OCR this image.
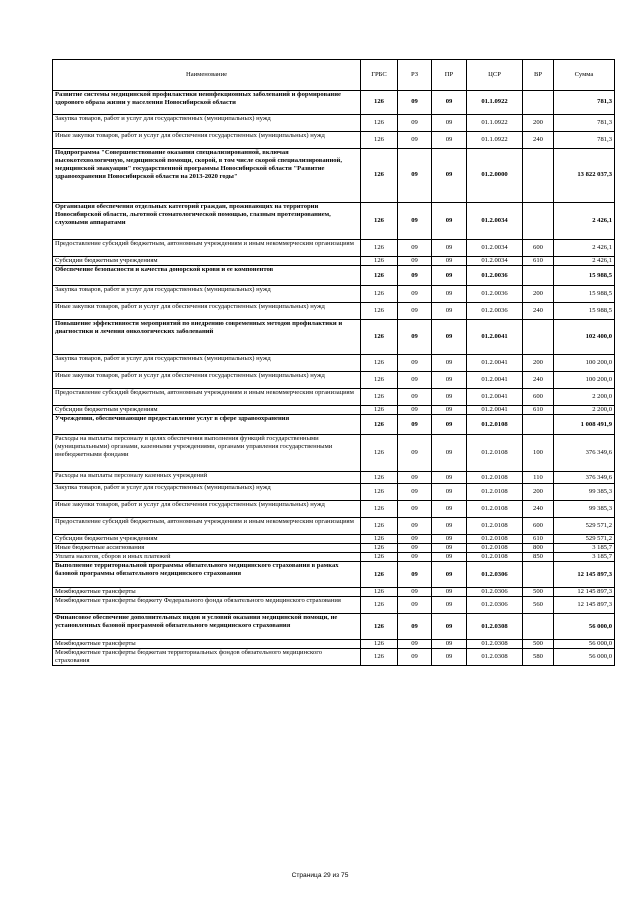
Наименование	ГРБС	РЗ	ПР	ЦСР	ВР	Сумма
Развитие системы медицинской профилактики неинфекционных заболеваний и формирование здорового образа жизни у населения Новосибирской области	126	09	09	01.1.0922		781,3
Закупка товаров, работ и услуг для государственных (муниципальных) нужд	126	09	09	01.1.0922	200	781,3
Иные закупки товаров, работ и услуг для обеспечения государственных (муниципальных) нужд	126	09	09	01.1.0922	240	781,3
Подпрограмма "Совершенствование оказания специализированной, включая высокотехнологичную, медицинской помощи, скорой, в том числе скорой специализированной, медицинской эвакуации" государственной программы Новосибирской области "Развитие здравоохранения Новосибирской области на 2013-2020 годы"	126	09	09	01.2.0000		13 822 037,3
Организация обеспечения отдельных категорий граждан, проживающих на территории Новосибирской области, льготной стоматологической помощью, глазным протезированием, слуховыми аппаратами	126	09	09	01.2.0034		2 426,1
Предоставление субсидий бюджетным, автономным учреждениям и иным некоммерческим организациям	126	09	09	01.2.0034	600	2 426,1
Субсидии бюджетным учреждениям	126	09	09	01.2.0034	610	2 426,1
Обеспечение безопасности и качества донорской крови и ее компонентов	126	09	09	01.2.0036		15 988,5
Закупка товаров, работ и услуг для государственных (муниципальных) нужд	126	09	09	01.2.0036	200	15 988,5
Иные закупки товаров, работ и услуг для обеспечения государственных (муниципальных) нужд	126	09	09	01.2.0036	240	15 988,5
Повышение эффективности мероприятий по внедрению современных методов профилактики и диагностики и лечения онкологических заболеваний	126	09	09	01.2.0041		102 400,0
Закупка товаров, работ и услуг для государственных (муниципальных) нужд	126	09	09	01.2.0041	200	100 200,0
Иные закупки товаров, работ и услуг для обеспечения государственных (муниципальных) нужд	126	09	09	01.2.0041	240	100 200,0
Предоставление субсидий бюджетным, автономным учреждениям и иным некоммерческим организациям	126	09	09	01.2.0041	600	2 200,0
Субсидии бюджетным учреждениям	126	09	09	01.2.0041	610	2 200,0
Учреждения, обеспечивающие предоставление услуг в сфере здравоохранения	126	09	09	01.2.0108		1 008 491,9
Расходы на выплаты персоналу в целях обеспечения выполнения функций государственными (муниципальными) органами, казенными учреждениями, органами управления государственными внебюджетными фондами	126	09	09	01.2.0108	100	376 349,6
Расходы на выплаты персоналу казенных учреждений	126	09	09	01.2.0108	110	376 349,6
Закупка товаров, работ и услуг для государственных (муниципальных) нужд	126	09	09	01.2.0108	200	99 385,3
Иные закупки товаров, работ и услуг для обеспечения государственных (муниципальных) нужд	126	09	09	01.2.0108	240	99 385,3
Предоставление субсидий бюджетным, автономным учреждениям и иным некоммерческим организациям	126	09	09	01.2.0108	600	529 571,2
Субсидии бюджетным учреждениям	126	09	09	01.2.0108	610	529 571,2
Иные бюджетные ассигнования	126	09	09	01.2.0108	800	3 185,7
Уплата налогов, сборов и иных платежей	126	09	09	01.2.0108	850	3 185,7
Выполнение территориальной программы обязательного медицинского страхования в рамках базовой программы обязательного медицинского страхования	126	09	09	01.2.0306		12 145 897,3
Межбюджетные трансферты	126	09	09	01.2.0306	500	12 145 897,3
Межбюджетные трансферты бюджету Федерального фонда обязательного медицинского страхования	126	09	09	01.2.0306	560	12 145 897,3
Финансовое обеспечение дополнительных видов и условий оказания медицинской помощи, не установленных базовой программой обязательного медицинского страхования	126	09	09	01.2.0308		56 000,0
Межбюджетные трансферты	126	09	09	01.2.0308	500	56 000,0
Межбюджетные трансферты бюджетам территориальных фондов обязательного медицинского страхования	126	09	09	01.2.0308	580	56 000,0
Страница 29 из 75
